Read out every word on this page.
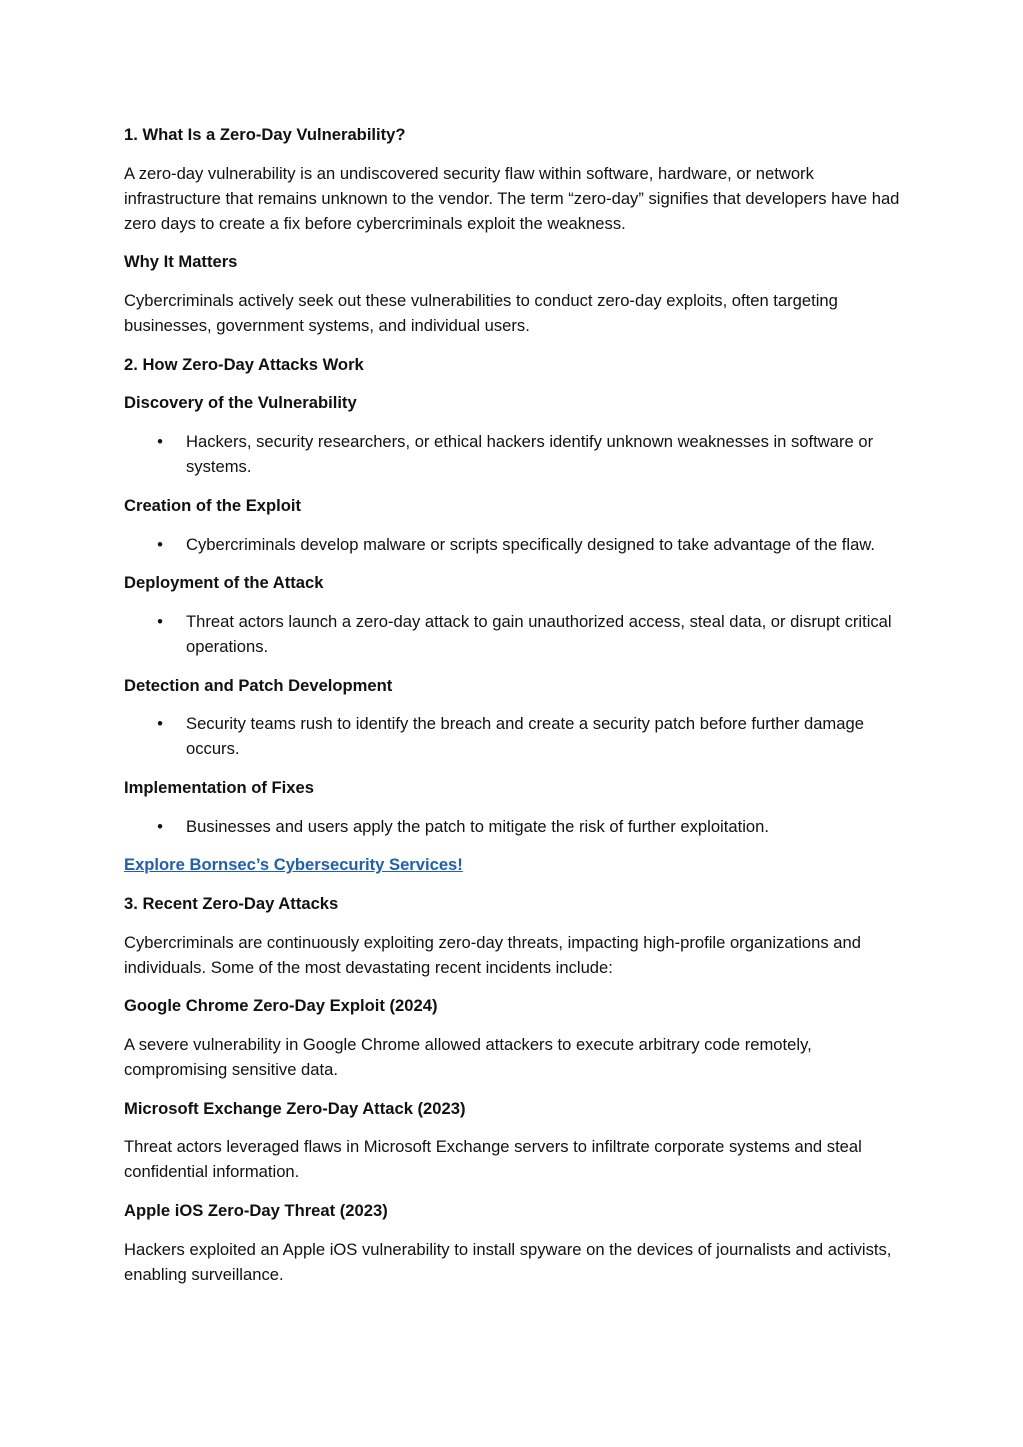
1. What Is a Zero-Day Vulnerability?
A zero-day vulnerability is an undiscovered security flaw within software, hardware, or network infrastructure that remains unknown to the vendor. The term “zero-day” signifies that developers have had zero days to create a fix before cybercriminals exploit the weakness.
Why It Matters
Cybercriminals actively seek out these vulnerabilities to conduct zero-day exploits, often targeting businesses, government systems, and individual users.
2. How Zero-Day Attacks Work
Discovery of the Vulnerability
• Hackers, security researchers, or ethical hackers identify unknown weaknesses in software or systems.
Creation of the Exploit
• Cybercriminals develop malware or scripts specifically designed to take advantage of the flaw.
Deployment of the Attack
• Threat actors launch a zero-day attack to gain unauthorized access, steal data, or disrupt critical operations.
Detection and Patch Development
• Security teams rush to identify the breach and create a security patch before further damage occurs.
Implementation of Fixes
• Businesses and users apply the patch to mitigate the risk of further exploitation.
Explore Bornsec’s Cybersecurity Services!
3. Recent Zero-Day Attacks
Cybercriminals are continuously exploiting zero-day threats, impacting high-profile organizations and individuals. Some of the most devastating recent incidents include:
Google Chrome Zero-Day Exploit (2024)
A severe vulnerability in Google Chrome allowed attackers to execute arbitrary code remotely, compromising sensitive data.
Microsoft Exchange Zero-Day Attack (2023)
Threat actors leveraged flaws in Microsoft Exchange servers to infiltrate corporate systems and steal confidential information.
Apple iOS Zero-Day Threat (2023)
Hackers exploited an Apple iOS vulnerability to install spyware on the devices of journalists and activists, enabling surveillance.
